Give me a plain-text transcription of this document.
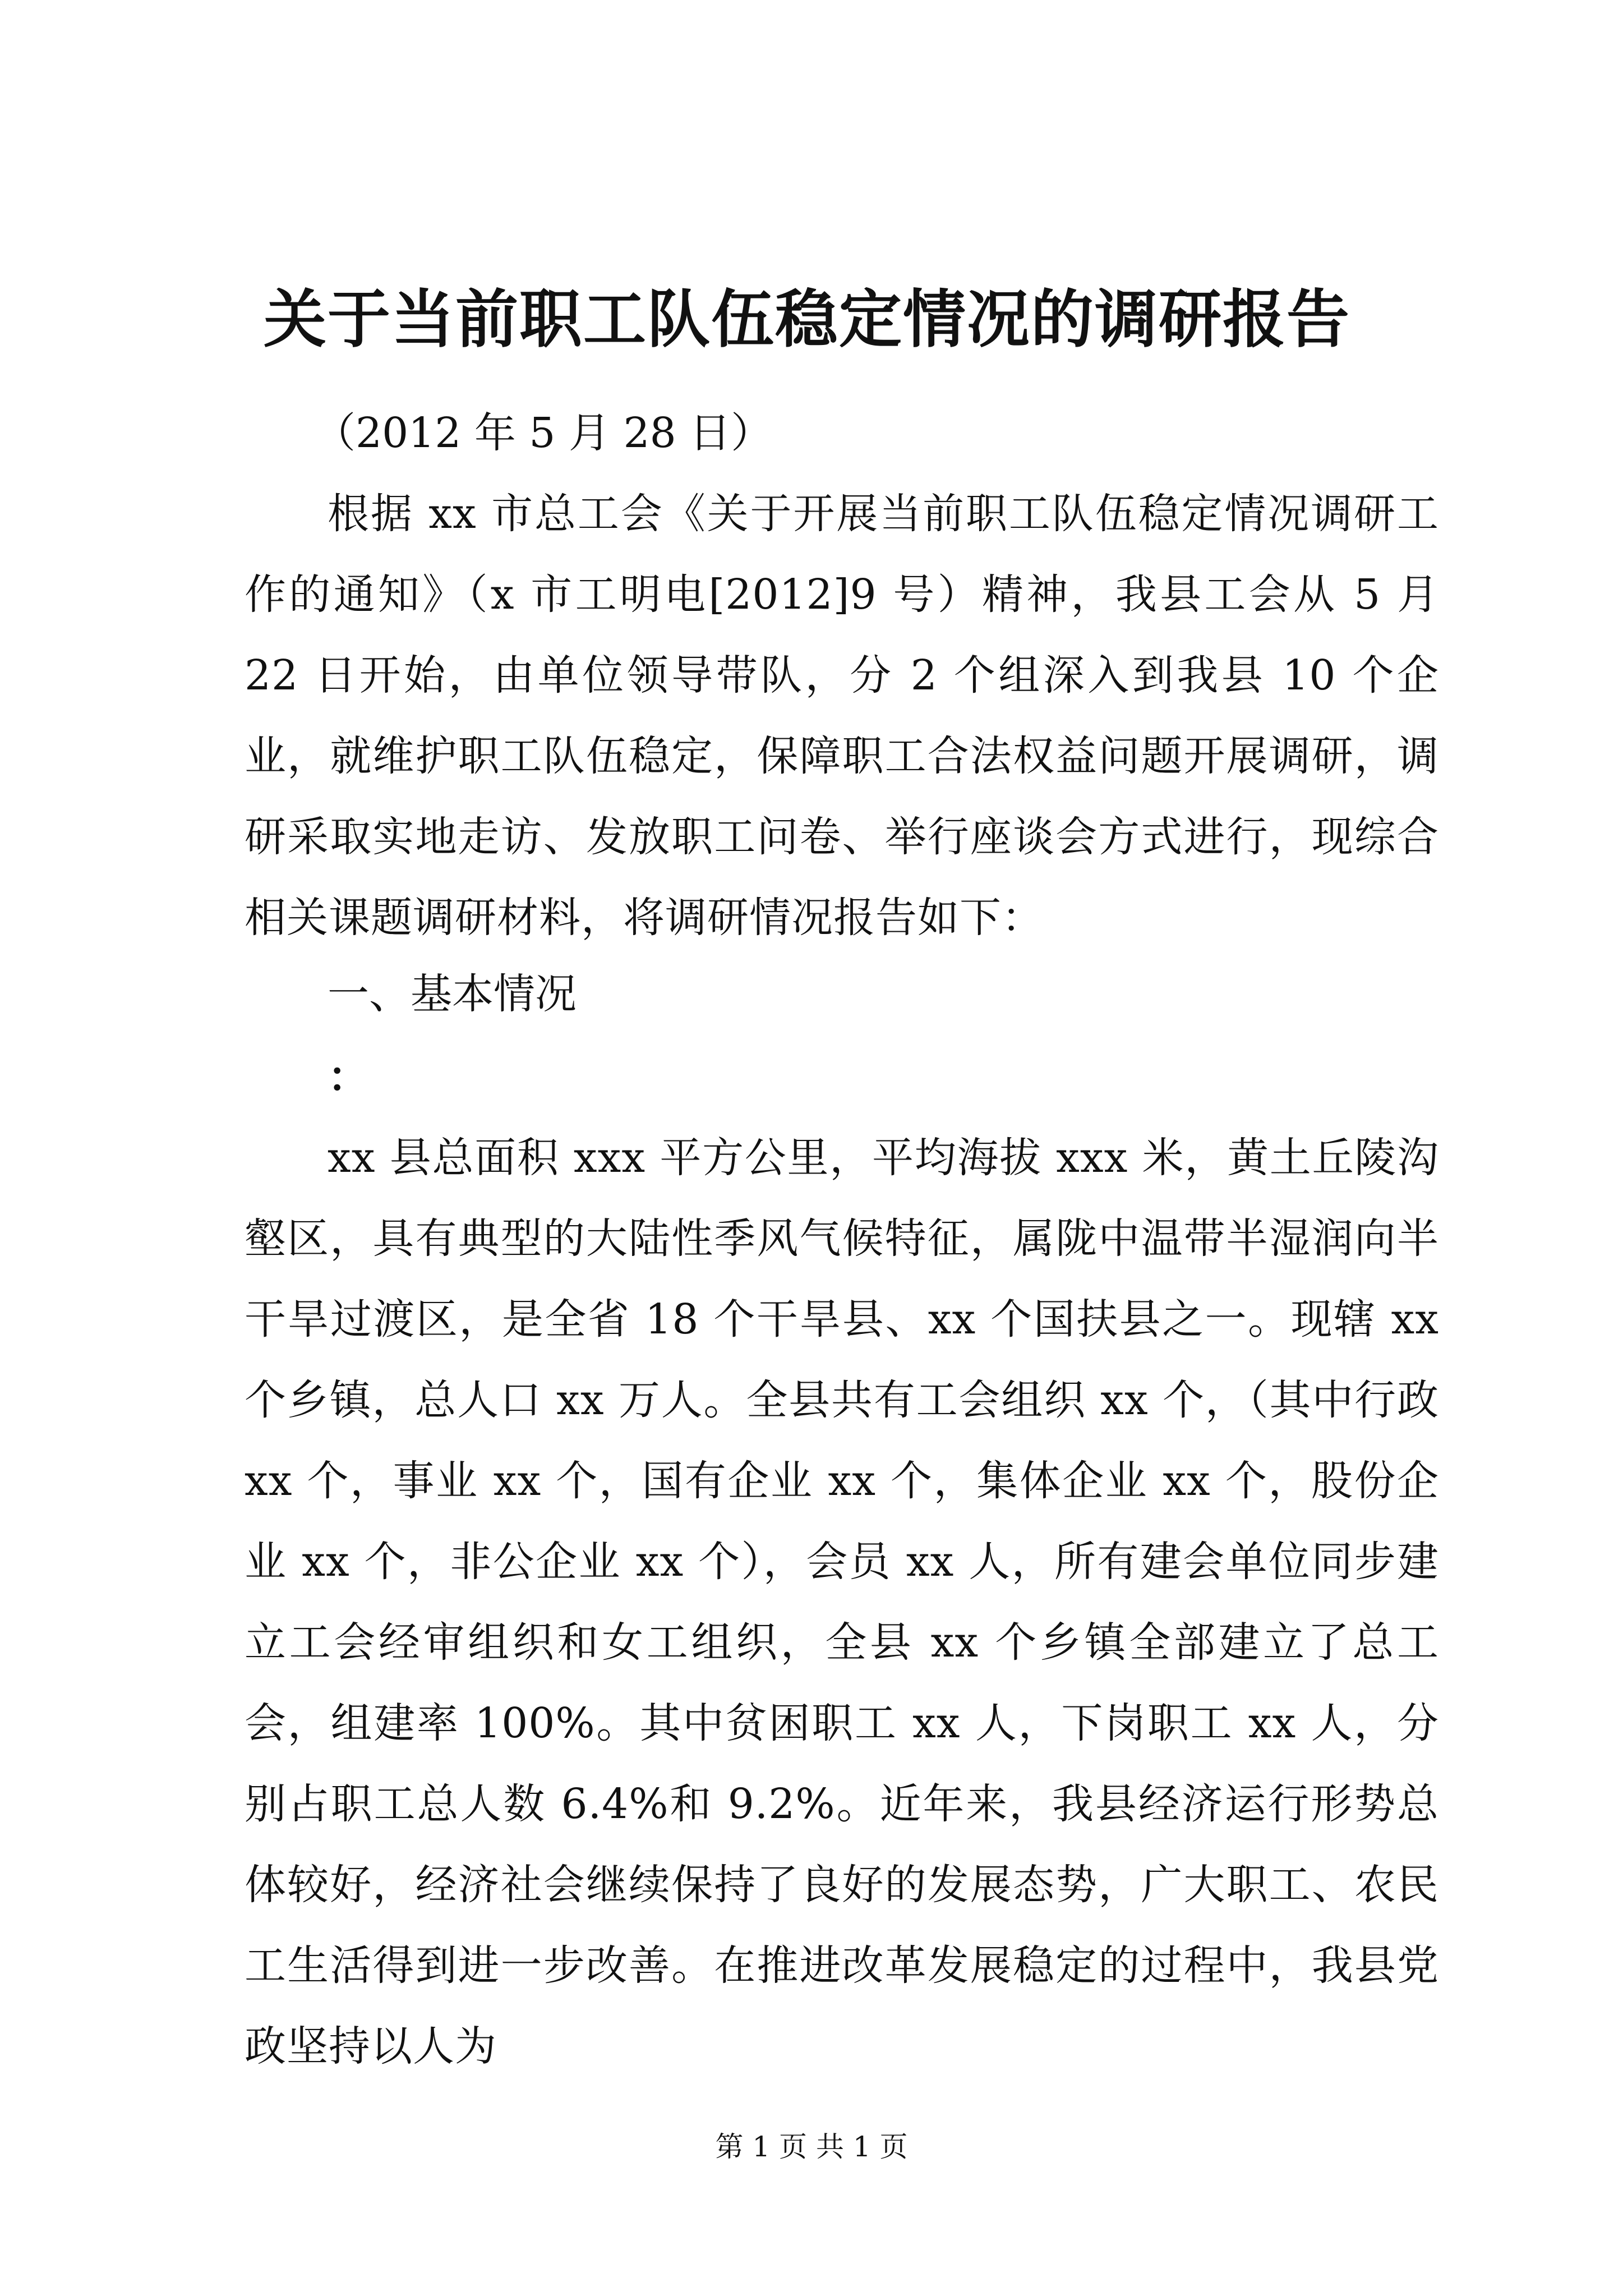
关于当前职工队伍稳定情况的调研报告

（2012 年 5 月 28 日）

根据 xx 市总工会《关于开展当前职工队伍稳定情况调研工作的通知》（x 市工明电[2012]9 号）精神，我县工会从 5 月 22 日开始，由单位领导带队，分 2 个组深入到我县 10 个企业，就维护职工队伍稳定，保障职工合法权益问题开展调研，调研采取实地走访、发放职工问卷、举行座谈会方式进行，现综合相关课题调研材料，将调研情况报告如下：

一、基本情况

：

xx 县总面积 xxx 平方公里，平均海拔 xxx 米，黄土丘陵沟壑区，具有典型的大陆性季风气候特征，属陇中温带半湿润向半干旱过渡区，是全省 18 个干旱县、xx 个国扶县之一。现辖 xx 个乡镇，总人口 xx 万人。全县共有工会组织 xx 个，（其中行政 xx 个，事业 xx 个，国有企业 xx 个，集体企业 xx 个，股份企业 xx 个，非公企业 xx 个），会员 xx 人，所有建会单位同步建立工会经审组织和女工组织，全县 xx 个乡镇全部建立了总工会，组建率 100%。其中贫困职工 xx 人，下岗职工 xx 人，分别占职工总人数 6.4%和 9.2%。近年来，我县经济运行形势总体较好，经济社会继续保持了良好的发展态势，广大职工、农民工生活得到进一步改善。在推进改革发展稳定的过程中，我县党政坚持以人为

第 1 页 共 1 页
